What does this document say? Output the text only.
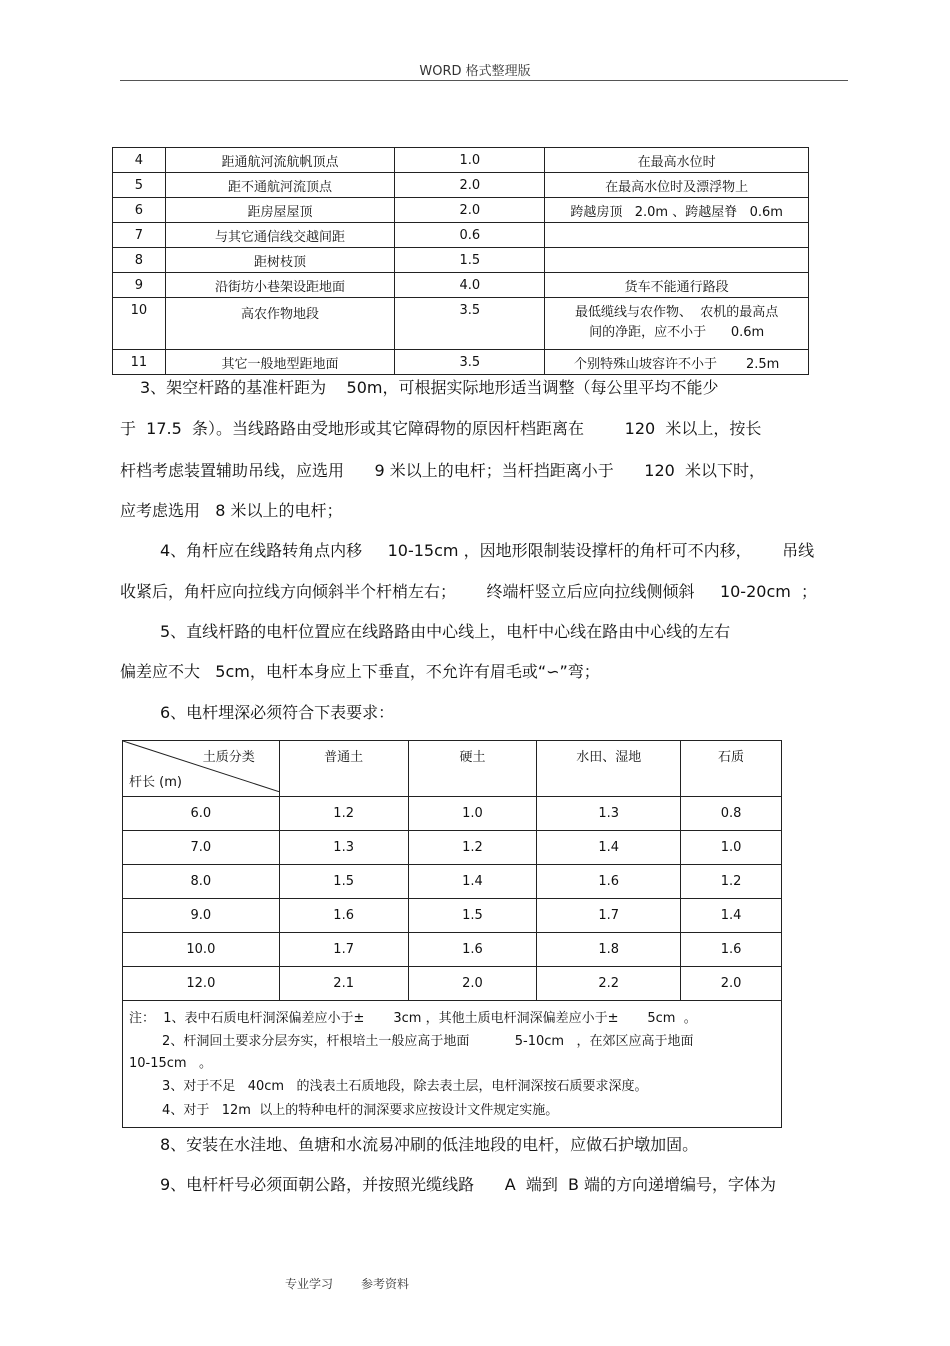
WORD 格式整理版
4	距通航河流航帆顶点	1.0	在最高水位时
5	距不通航河流顶点	2.0	在最高水位时及漂浮物上
6	距房屋屋顶	2.0	跨越房顶   2.0m 、跨越屋脊   0.6m
7	与其它通信线交越间距	0.6	
8	距树枝顶	1.5	
9	沿街坊小巷架设距地面	4.0	货车不能通行路段
10	高农作物地段	3.5	最低缆线与农作物、  农机的最高点
间的净距，应不小于      0.6m

11	其它一般地型距地面	3.5	个别特殊山坡容许不小于       2.5m
3、架空杆路的基准杆距为    50m，可根据实际地形适当调整（每公里平均不能少
于  17.5  条）。当线路路由受地形或其它障碍物的原因杆档距离在        120  米以上，按长
杆档考虑装置辅助吊线，应选用      9 米以上的电杆；当杆挡距离小于      120  米以下时，
应考虑选用   8 米以上的电杆；
4、角杆应在线路转角点内移     10-15cm ，因地形限制装设撑杆的角杆可不内移，      吊线
收紧后，角杆应向拉线方向倾斜半个杆梢左右；      终端杆竖立后应向拉线侧倾斜     10-20cm  ；
5、直线杆路的电杆位置应在线路路由中心线上，电杆中心线在路由中心线的左右
偏差应不大   5cm，电杆本身应上下垂直，不允许有眉毛或“∽”弯；
6、电杆埋深必须符合下表要求：
土质分类
杆长 (m)	普通土	硬土	水田、湿地	石质
6.0	1.2	1.0	1.3	0.8
7.0	1.3	1.2	1.4	1.0
8.0	1.5	1.4	1.6	1.2
9.0	1.6	1.5	1.7	1.4
10.0	1.7	1.6	1.8	1.6
12.0	2.1	2.0	2.2	2.0

注：  1、表中石质电杆洞深偏差应小于±       3cm ，其他土质电杆洞深偏差应小于±       5cm  。
2、杆洞回土要求分层夯实，杆根培土一般应高于地面           5-10cm   ，在郊区应高于地面
10-15cm   。
3、对于不足   40cm   的浅表土石质地段，除去表土层，电杆洞深按石质要求深度。
4、对于   12m  以上的特种电杆的洞深要求应按设计文件规定实施。				
8、安装在水洼地、鱼塘和水流易冲刷的低洼地段的电杆，应做石护墩加固。
9、电杆杆号必须面朝公路，并按照光缆线路      A  端到  B 端的方向递增编号，字体为
专业学习 参考资料
